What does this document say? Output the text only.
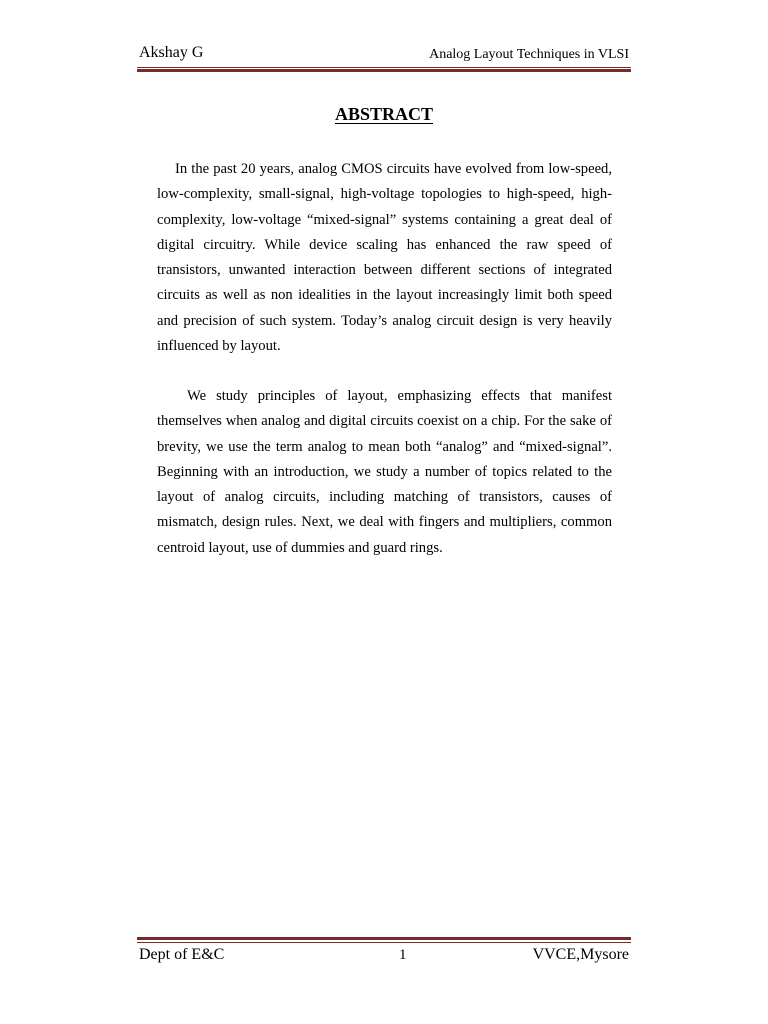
Akshay G	Analog Layout Techniques in VLSI
ABSTRACT

In the past 20 years, analog CMOS circuits have evolved from low-speed, low-complexity, small-signal, high-voltage topologies to high-speed, high-complexity, low-voltage “mixed-signal” systems containing a great deal of digital circuitry. While device scaling has enhanced the raw speed of transistors, unwanted interaction between different sections of integrated circuits as well as non idealities in the layout increasingly limit both speed and precision of such system. Today’s analog circuit design is very heavily influenced by layout.

We study principles of layout, emphasizing effects that manifest themselves when analog and digital circuits coexist on a chip. For the sake of brevity, we use the term analog to mean both “analog” and “mixed-signal”. Beginning with an introduction, we study a number of topics related to the layout of analog circuits, including matching of transistors, causes of mismatch, design rules. Next, we deal with fingers and multipliers, common centroid layout, use of dummies and guard rings.

Dept of E&C	1	VVCE,Mysore
